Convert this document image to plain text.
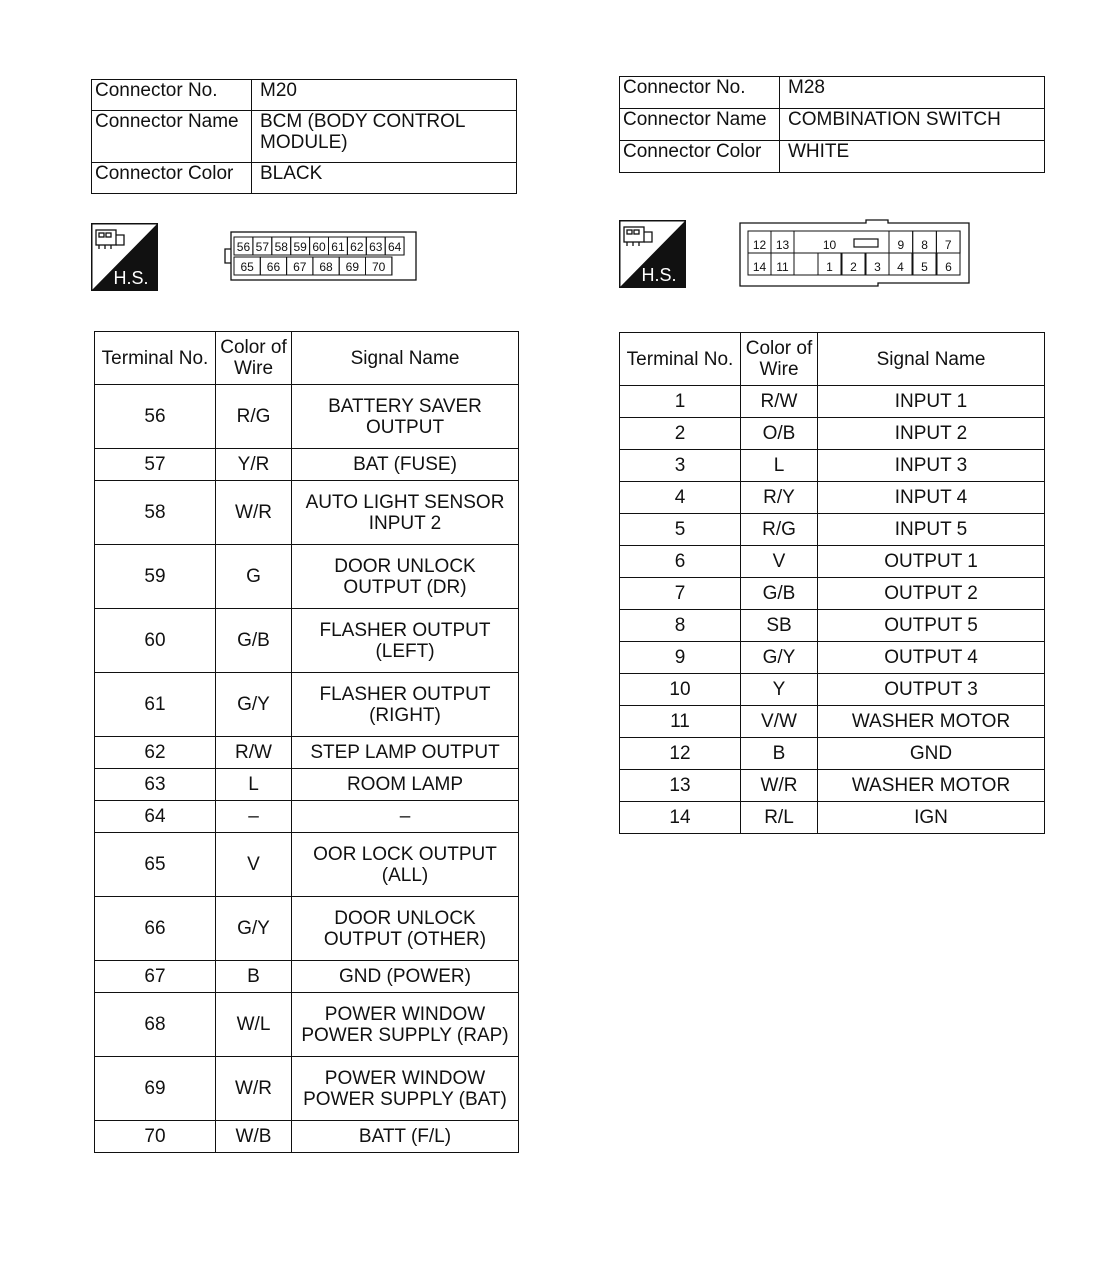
Connector No.	M20
Connector Name	BCM (BODY CONTROL MODULE)
Connector Color	BLACK
Connector No.	M28
Connector Name	COMBINATION SWITCH
Connector Color	WHITE
H.S.	H.S.
56 57 58 59 60 61 62 63 64
65 66 67 68 69 70
12 13	10	9 8 7
14 11	1 2 3 4 5 6
Terminal No.	Color of Wire	Signal Name
56	R/G	BATTERY SAVER OUTPUT
57	Y/R	BAT (FUSE)
58	W/R	AUTO LIGHT SENSOR INPUT 2
59	G	DOOR UNLOCK OUTPUT (DR)
60	G/B	FLASHER OUTPUT (LEFT)
61	G/Y	FLASHER OUTPUT (RIGHT)
62	R/W	STEP LAMP OUTPUT
63	L	ROOM LAMP
64	–	–
65	V	OOR LOCK OUTPUT (ALL)
66	G/Y	DOOR UNLOCK OUTPUT (OTHER)
67	B	GND (POWER)
68	W/L	POWER WINDOW POWER SUPPLY (RAP)
69	W/R	POWER WINDOW POWER SUPPLY (BAT)
70	W/B	BATT (F/L)
Terminal No.	Color of Wire	Signal Name
1	R/W	INPUT 1
2	O/B	INPUT 2
3	L	INPUT 3
4	R/Y	INPUT 4
5	R/G	INPUT 5
6	V	OUTPUT 1
7	G/B	OUTPUT 2
8	SB	OUTPUT 5
9	G/Y	OUTPUT 4
10	Y	OUTPUT 3
11	V/W	WASHER MOTOR
12	B	GND
13	W/R	WASHER MOTOR
14	R/L	IGN
